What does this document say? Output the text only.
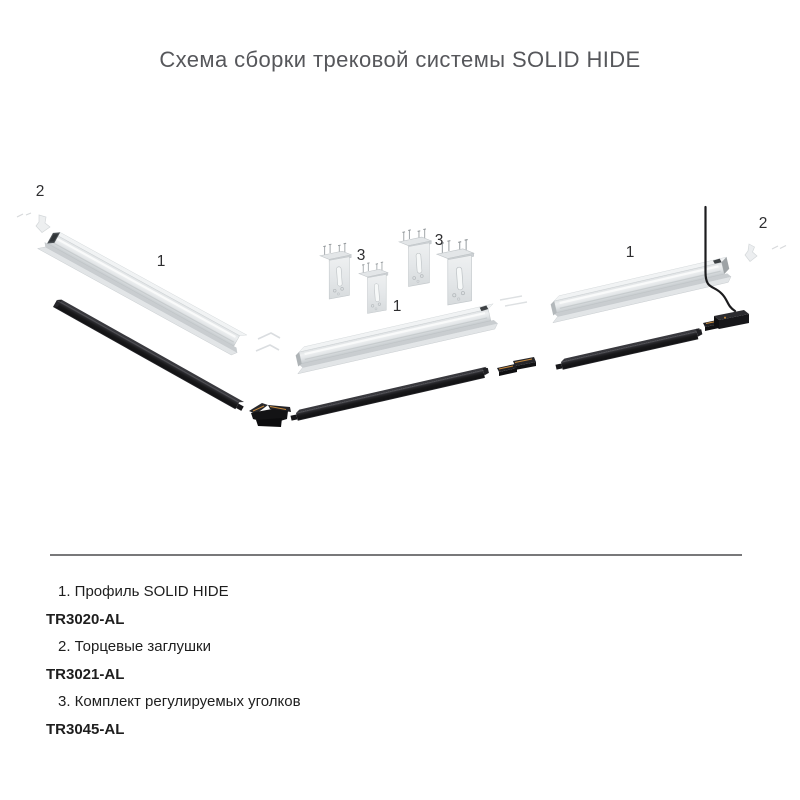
Схема сборки трековой системы SOLID HIDE
2
1	3
3
1
1
2
1. Профиль SOLID HIDE
TR3020-AL
2. Торцевые заглушки
TR3021-AL
3. Комплект регулируемых уголков
TR3045-AL
